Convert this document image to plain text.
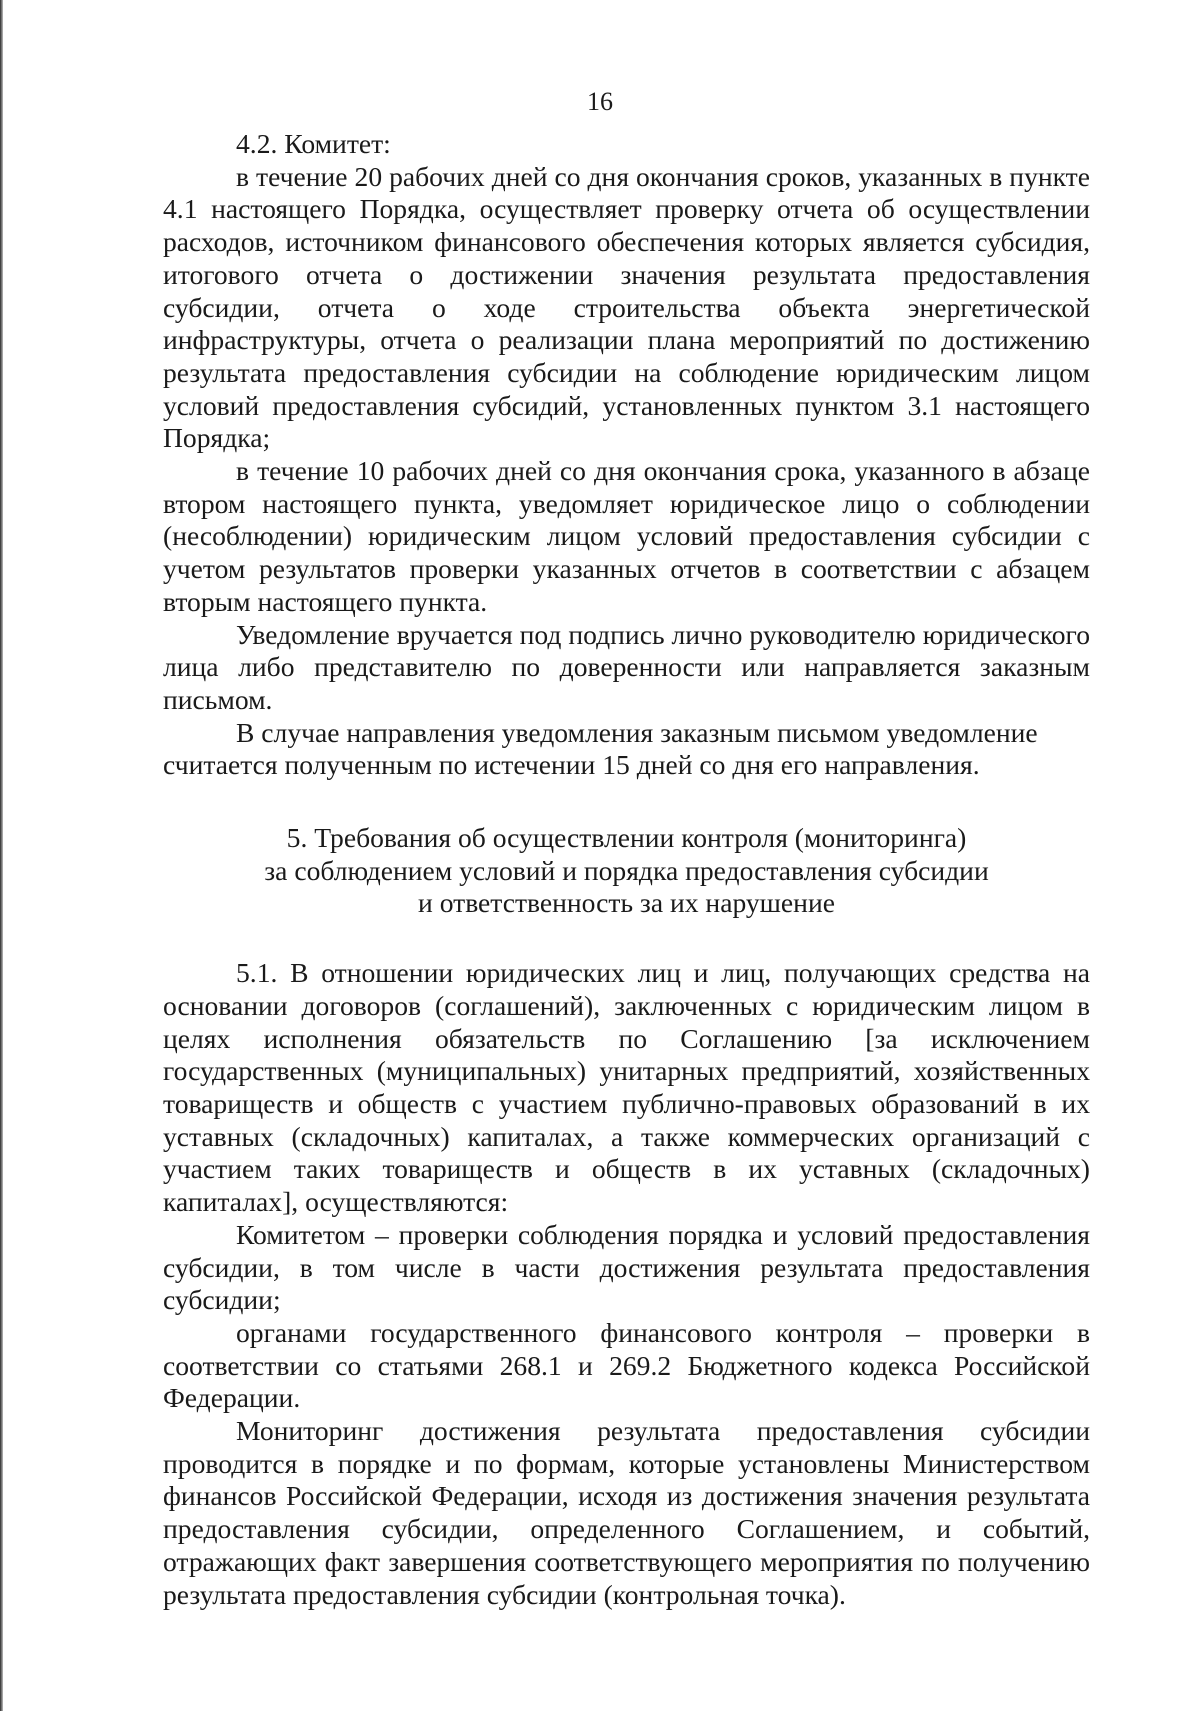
16

4.2. Комитет:

в течение 20 рабочих дней со дня окончания сроков, указанных в пункте 4.1 настоящего Порядка, осуществляет проверку отчета об осуществлении расходов, источником финансового обеспечения которых является субсидия, итогового отчета о достижении значения результата предоставления субсидии, отчета о ходе строительства объекта энергетической инфраструктуры, отчета о реализации плана мероприятий по достижению результата предоставления субсидии на соблюдение юридическим лицом условий предоставления субсидий, установленных пунктом 3.1 настоящего Порядка;

в течение 10 рабочих дней со дня окончания срока, указанного в абзаце втором настоящего пункта, уведомляет юридическое лицо о соблюдении (несоблюдении) юридическим лицом условий предоставления субсидии с учетом результатов проверки указанных отчетов в соответствии с абзацем вторым настоящего пункта.

Уведомление вручается под подпись лично руководителю юридического лица либо представителю по доверенности или направляется заказным письмом.

В случае направления уведомления заказным письмом уведомление считается полученным по истечении 15 дней со дня его направления.

5. Требования об осуществлении контроля (мониторинга)
за соблюдением условий и порядка предоставления субсидии
и ответственность за их нарушение

5.1. В отношении юридических лиц и лиц, получающих средства на основании договоров (соглашений), заключенных с юридическим лицом в целях исполнения обязательств по Соглашению [за исключением государственных (муниципальных) унитарных предприятий, хозяйственных товариществ и обществ с участием публично-правовых образований в их уставных (складочных) капиталах, а также коммерческих организаций с участием таких товариществ и обществ в их уставных (складочных) капиталах], осуществляются:

Комитетом – проверки соблюдения порядка и условий предоставления субсидии, в том числе в части достижения результата предоставления субсидии;

органами государственного финансового контроля – проверки в соответствии со статьями 268.1 и 269.2 Бюджетного кодекса Российской Федерации.

Мониторинг достижения результата предоставления субсидии проводится в порядке и по формам, которые установлены Министерством финансов Российской Федерации, исходя из достижения значения результата предоставления субсидии, определенного Соглашением, и событий, отражающих факт завершения соответствующего мероприятия по получению результата предоставления субсидии (контрольная точка).
